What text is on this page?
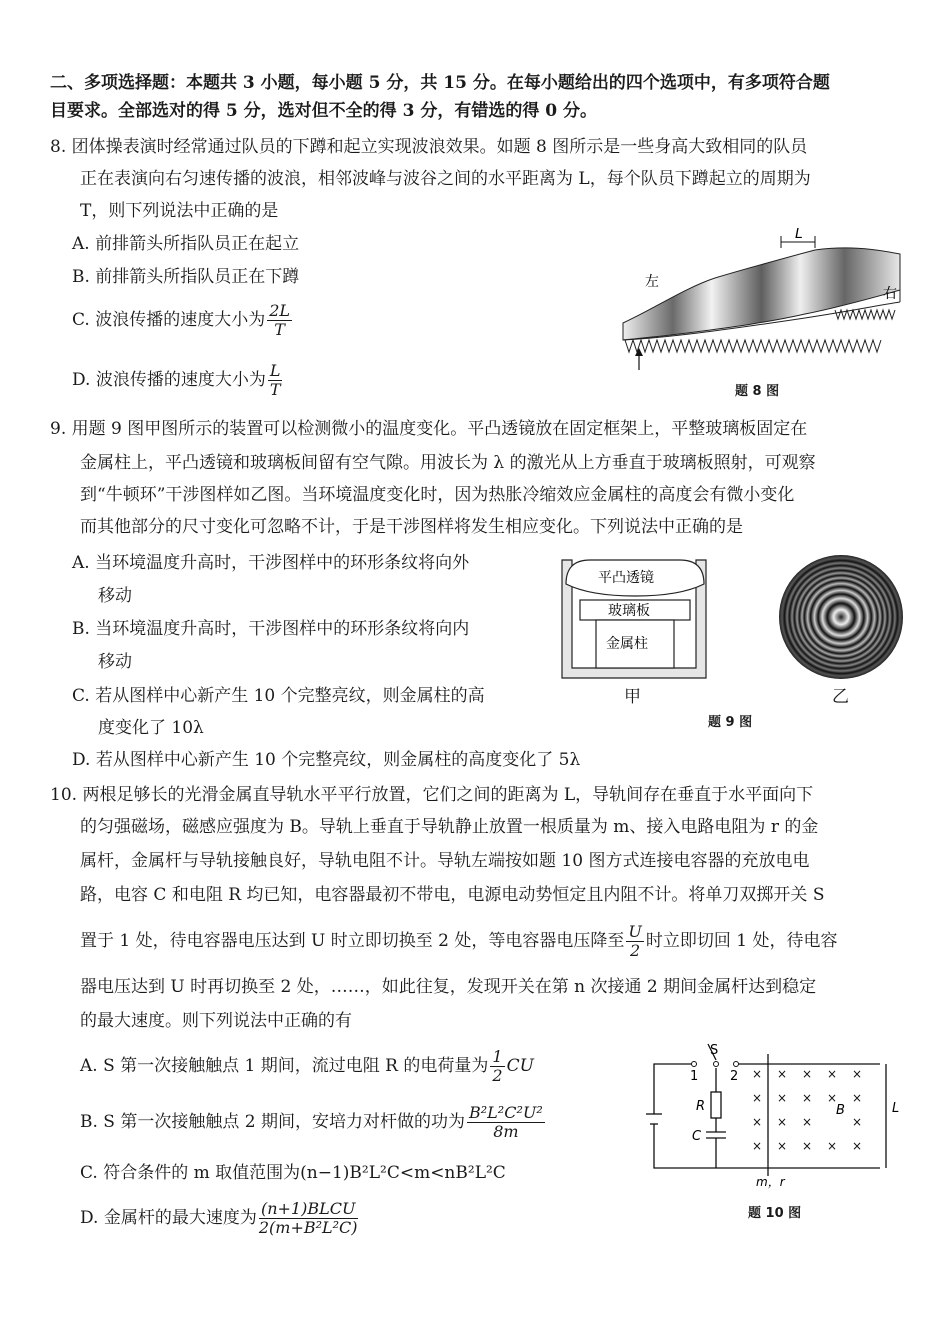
二、多项选择题：本题共 3 小题，每小题 5 分，共 15 分。在每小题给出的四个选项中，有多项符合题
目要求。全部选对的得 5 分，选对但不全的得 3 分，有错选的得 0 分。
8. 团体操表演时经常通过队员的下蹲和起立实现波浪效果。如题 8 图所示是一些身高大致相同的队员
正在表演向右匀速传播的波浪，相邻波峰与波谷之间的水平距离为 L，每个队员下蹲起立的周期为
T，则下列说法中正确的是
A. 前排箭头所指队员正在起立
B. 前排箭头所指队员正在下蹲
C. 波浪传播的速度大小为 $\frac{2L}{T}$
D. 波浪传播的速度大小为 $\frac{L}{T}$
L
左
右
题 8 图
9. 用题 9 图甲图所示的装置可以检测微小的温度变化。平凸透镜放在固定框架上，平整玻璃板固定在
金属柱上，平凸透镜和玻璃板间留有空气隙。用波长为 λ 的激光从上方垂直于玻璃板照射，可观察
到“牛顿环”干涉图样如乙图。当环境温度变化时，因为热胀冷缩效应金属柱的高度会有微小变化
而其他部分的尺寸变化可忽略不计，于是干涉图样将发生相应变化。下列说法中正确的是
A. 当环境温度升高时，干涉图样中的环形条纹将向外
移动
B. 当环境温度升高时，干涉图样中的环形条纹将向内
移动
C. 若从图样中心新产生 10 个完整亮纹，则金属柱的高
度变化了 10λ
D. 若从图样中心新产生 10 个完整亮纹，则金属柱的高度变化了 5λ
平凸透镜
玻璃板
金属柱
甲	乙
题 9 图
10. 两根足够长的光滑金属直导轨水平平行放置，它们之间的距离为 L，导轨间存在垂直于水平面向下
的匀强磁场，磁感应强度为 B。导轨上垂直于导轨静止放置一根质量为 m、接入电路电阻为 r 的金
属杆，金属杆与导轨接触良好，导轨电阻不计。导轨左端按如题 10 图方式连接电容器的充放电电
路，电容 C 和电阻 R 均已知，电容器最初不带电，电源电动势恒定且内阻不计。将单刀双掷开关 S
置于 1 处，待电容器电压达到 U 时立即切换至 2 处，等电容器电压降至 $\frac{U}{2}$ 时立即切回 1 处，待电容
器电压达到 U 时再切换至 2 处，……，如此往复，发现开关在第 n 次接通 2 期间金属杆达到稳定
的最大速度。则下列说法中正确的有
A. S 第一次接触触点 1 期间，流过电阻 R 的电荷量为 $\frac{1}{2}$ CU
B. S 第一次接触触点 2 期间，安培力对杆做的功为 $\frac{\text{B²L²C²U²}}{8m}$
C. 符合条件的 m 取值范围为(n−1)B²L²C<m<nB²L²C
D. 金属杆的最大速度为 $\frac{\text{(n+1)BLCU}}{\text{2(m+B²L²C)}}$
S
1 2
R
C
B	L
m，r
× × × × ×
× × × × ×
× × ×	×
× × × × ×
题 10 图
